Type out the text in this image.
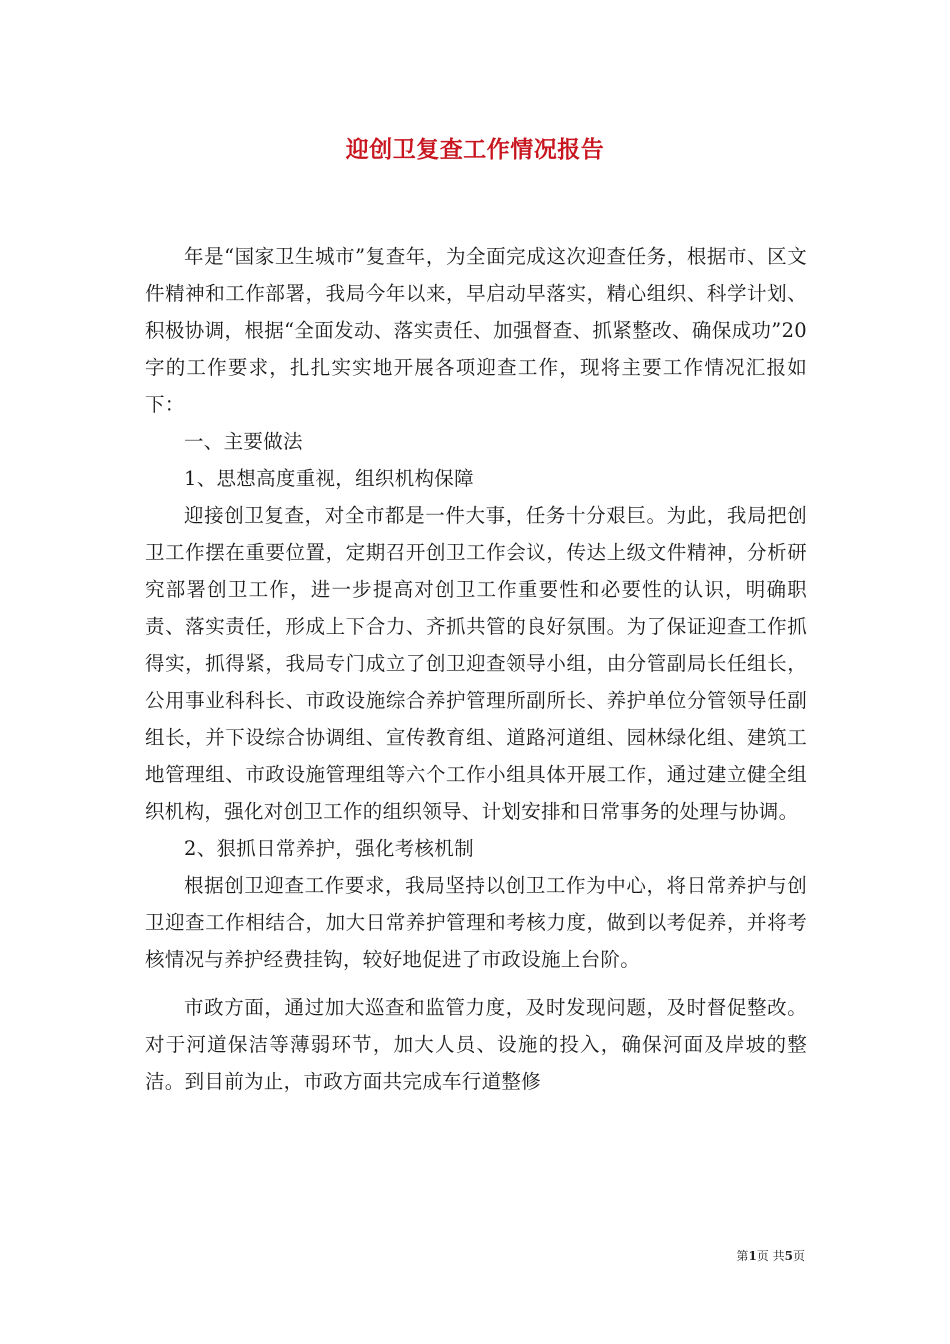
迎创卫复查工作情况报告

年是“国家卫生城市”复查年，为全面完成这次迎查任务，根据市、区文件精神和工作部署，我局今年以来，早启动早落实，精心组织、科学计划、积极协调，根据“全面发动、落实责任、加强督查、抓紧整改、确保成功”20字的工作要求，扎扎实实地开展各项迎查工作，现将主要工作情况汇报如下：

一、主要做法

1、思想高度重视，组织机构保障

迎接创卫复查，对全市都是一件大事，任务十分艰巨。为此，我局把创卫工作摆在重要位置，定期召开创卫工作会议，传达上级文件精神，分析研究部署创卫工作，进一步提高对创卫工作重要性和必要性的认识，明确职责、落实责任，形成上下合力、齐抓共管的良好氛围。为了保证迎查工作抓得实，抓得紧，我局专门成立了创卫迎查领导小组，由分管副局长任组长，公用事业科科长、市政设施综合养护管理所副所长、养护单位分管领导任副组长，并下设综合协调组、宣传教育组、道路河道组、园林绿化组、建筑工地管理组、市政设施管理组等六个工作小组具体开展工作，通过建立健全组织机构，强化对创卫工作的组织领导、计划安排和日常事务的处理与协调。

2、狠抓日常养护，强化考核机制

根据创卫迎查工作要求，我局坚持以创卫工作为中心，将日常养护与创卫迎查工作相结合，加大日常养护管理和考核力度，做到以考促养，并将考核情况与养护经费挂钩，较好地促进了市政设施上台阶。

市政方面，通过加大巡查和监管力度，及时发现问题，及时督促整改。对于河道保洁等薄弱环节，加大人员、设施的投入，确保河面及岸坡的整洁。到目前为止，市政方面共完成车行道整修

第1页 共5页
